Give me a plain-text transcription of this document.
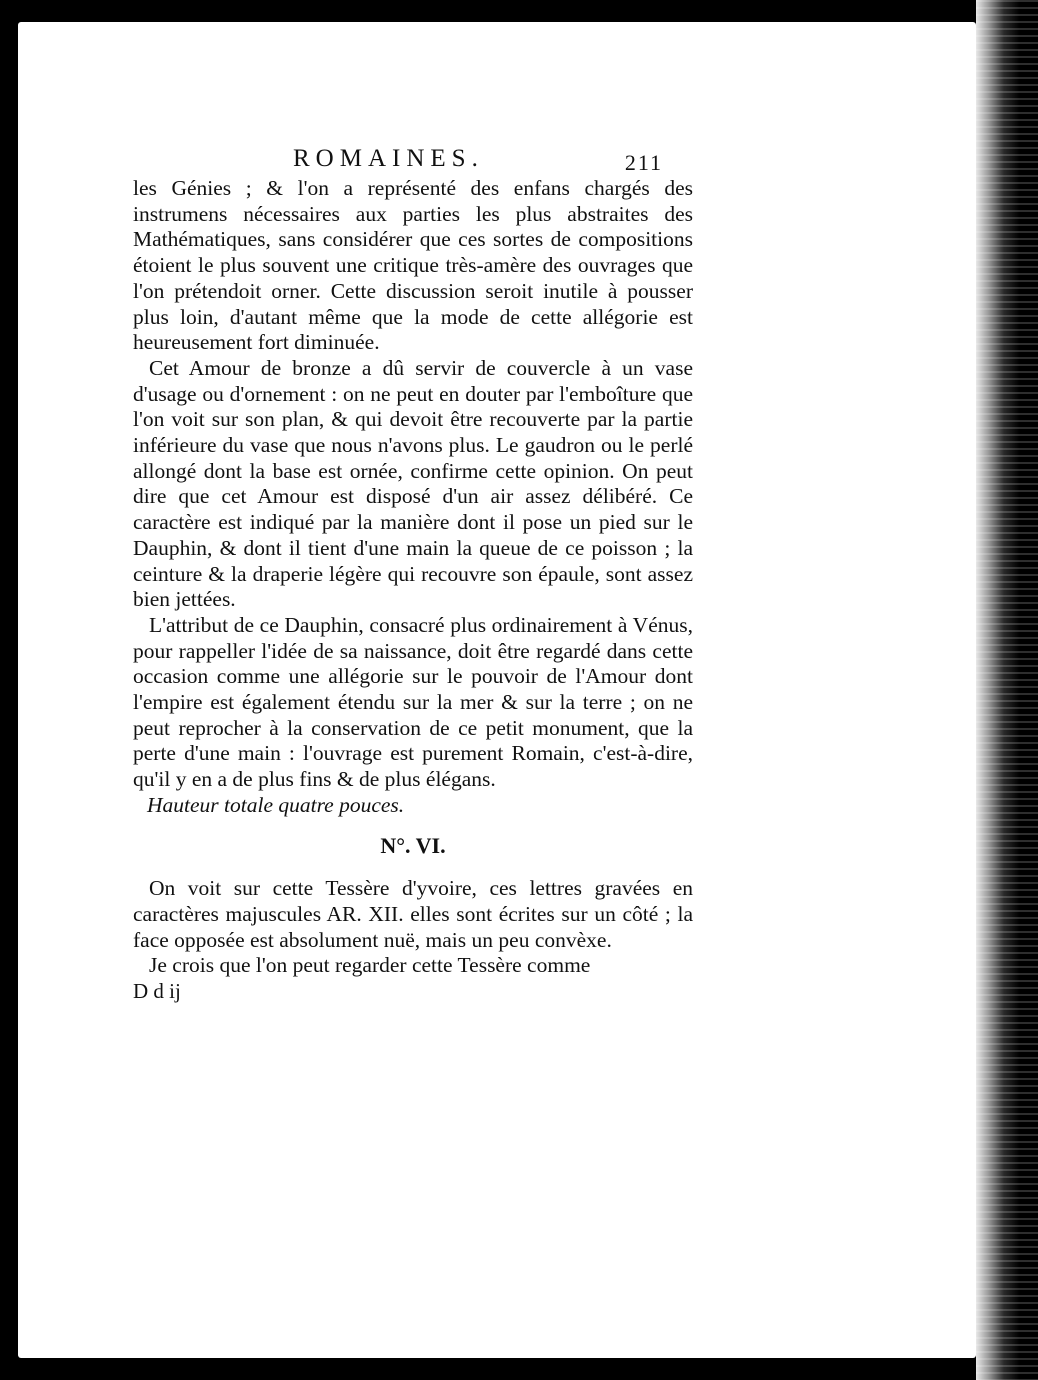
ROMAINES.	211

les Génies ; & l'on a représenté des enfans chargés des instrumens nécessaires aux parties les plus abstraites des Mathématiques, sans considérer que ces sortes de compositions étoient le plus souvent une critique très-amère des ouvrages que l'on prétendoit orner. Cette discussion seroit inutile à pousser plus loin, d'autant même que la mode de cette allégorie est heureusement fort diminuée.

Cet Amour de bronze a dû servir de couvercle à un vase d'usage ou d'ornement : on ne peut en douter par l'emboîture que l'on voit sur son plan, & qui devoit être recouverte par la partie inférieure du vase que nous n'avons plus. Le gaudron ou le perlé allongé dont la base est ornée, confirme cette opinion. On peut dire que cet Amour est disposé d'un air assez délibéré. Ce caractère est indiqué par la manière dont il pose un pied sur le Dauphin, & dont il tient d'une main la queue de ce poisson ; la ceinture & la draperie légère qui recouvre son épaule, sont assez bien jettées.

L'attribut de ce Dauphin, consacré plus ordinairement à Vénus, pour rappeller l'idée de sa naissance, doit être regardé dans cette occasion comme une allégorie sur le pouvoir de l'Amour dont l'empire est également étendu sur la mer & sur la terre ; on ne peut reprocher à la conservation de ce petit monument, que la perte d'une main : l'ouvrage est purement Romain, c'est-à-dire, qu'il y en a de plus fins & de plus élégans.

Hauteur totale quatre pouces.

N°. VI.

On voit sur cette Tessère d'yvoire, ces lettres gravées en caractères majuscules AR. XII. elles sont écrites sur un côté ; la face opposée est absolument nuë, mais un peu convèxe.

Je crois que l'on peut regarder cette Tessère comme

D d ij
